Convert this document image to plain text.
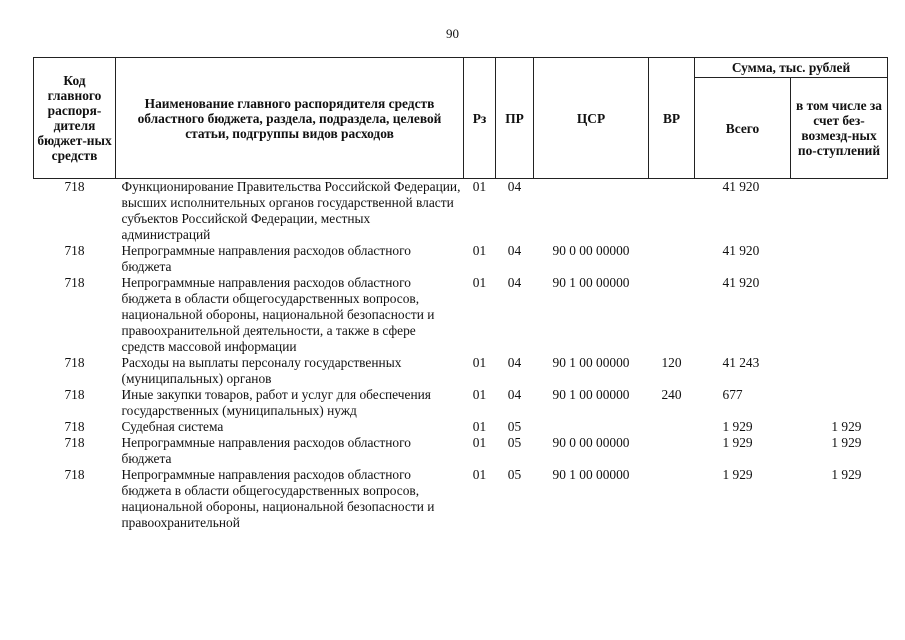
90
Код главного распоря-дителя бюджет-ных средств	Наименование главного распорядителя средств областного бюджета, раздела, подраздела, целевой статьи, подгруппы видов расходов	Рз	ПР	ЦСР	ВР	Сумма, тыс. рублей	
						Всего	в том числе за счет без-возмезд-ных по-ступлений
718	Функционирование Правительства Российской Федерации, высших исполнительных органов государственной власти субъектов Российской Федерации, местных администраций	01	04			41 920	
718	Непрограммные направления расходов областного бюджета	01	04	90 0 00 00000		41 920	
718	Непрограммные направления расходов областного бюджета в области общегосударственных вопросов, национальной обороны, национальной безопасности и правоохранительной деятельности, а также в сфере средств массовой информации	01	04	90 1 00 00000		41 920	
718	Расходы на выплаты персоналу государственных (муниципальных) органов	01	04	90 1 00 00000	120	41 243	
718	Иные закупки товаров, работ и услуг для обеспечения государственных (муниципальных) нужд	01	04	90 1 00 00000	240	677	
718	Судебная система	01	05			1 929	1 929
718	Непрограммные направления расходов областного бюджета	01	05	90 0 00 00000		1 929	1 929
718	Непрограммные направления расходов областного бюджета в области общегосударственных вопросов, национальной обороны, национальной безопасности и правоохранительной	01	05	90 1 00 00000		1 929	1 929
